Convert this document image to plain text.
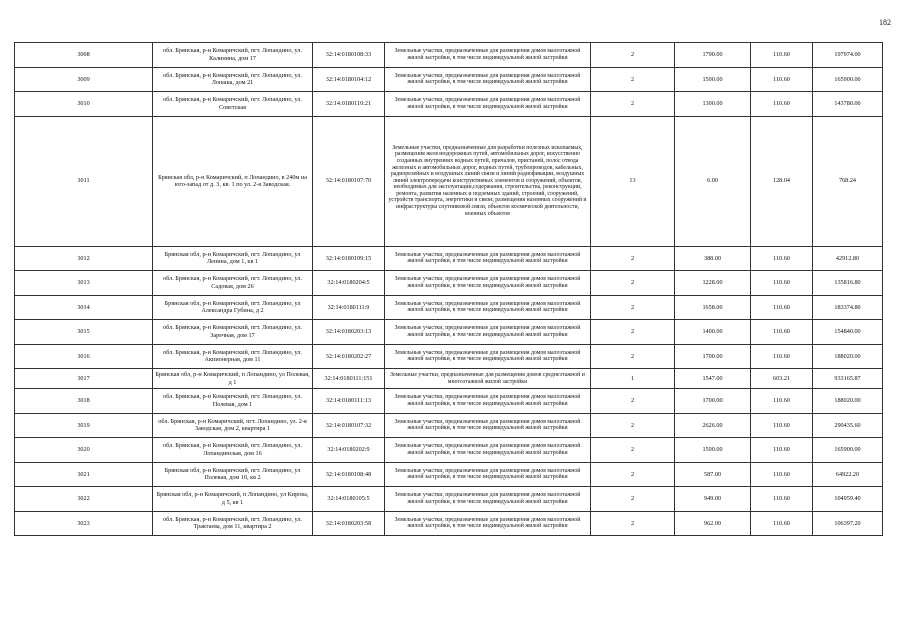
182
3008	обл. Брянская, р-н Комаричский, пгт. Лопандино, ул. Калинина, дом 17	32:14:0180108:33	Земельные участки, предназначенные для размещения домов малоэтажной жилой застройки, в том числе индивидуальной жилой застройки	2	1790.00	110.60	197974.00
3009	обл. Брянская, р-н Комаричский, пгт. Лопандино, ул. Лопаша, дом 21	32:14:0180104:12	Земельные участки, предназначенные для размещения домов малоэтажной жилой застройки, в том числе индивидуальной жилой застройки	2	1500.00	110.60	165900.00
3010	обл. Брянская, р-н Комаричский, пгт. Лопандино, ул. Советская	32:14:0180110:21	Земельные участки, предназначенные для размещения домов малоэтажной жилой застройки, в том числе индивидуальной жилой застройки	2	1300.00	110.60	143780.00
3011	Брянская обл, р-н Комаричский, п Лопандино, в 240м на юго-запад от д. 3, кв. 1 по ул. 2-я Заводская.	32:14:0180107:70	Земельные участки, предназначенные для разработки полезных ископаемых, размещения железнодорожных путей, автомобильных дорог, искусственно созданных внутренних водных путей, причалов, пристаней, полос отвода железных и автомобильных дорог, водных путей, трубопроводов, кабельных, радиорелейных и воздушных линий связи и линий радиофикации, воздушных линий электропередачи конструктивных элементов и сооружений, объектов, необходимых для эксплуатации,содержания, строительства, реконструкции, ремонта, развития наземных и подземных зданий, строений, сооружений, устройств транспорта, энергетики и связи; размещения наземных сооружений и инфраструктуры спутниковой связи, объектов космической деятельности, военных объектов	13	6.00	128.04	768.24
3012	Брянская обл, р-н Комаричский, пгт. Лопандино, ул Ленина, дом 1, кв 1	32:14:0180109:15	Земельные участки, предназначенные для размещения домов малоэтажной жилой застройки, в том числе индивидуальной жилой застройки	2	388.00	110.60	42912.80
3013	обл. Брянская, р-н Комаричский, пгт. Лопандино, ул. Садовая, дом 26	32:14:0180204:5	Земельные участки, предназначенные для размещения домов малоэтажной жилой застройки, в том числе индивидуальной жилой застройки	2	1228.00	110.60	135816.80
3014	Брянская обл, р-н Комаричский, пгт. Лопандино, ул Александра Губина, д 2	32:14:0180111:9	Земельные участки, предназначенные для размещения домов малоэтажной жилой застройки, в том числе индивидуальной жилой застройки	2	1658.00	110.60	183374.80
3015	обл. Брянская, р-н Комаричский, пгт. Лопандино, ул. Заречная, дом 17	32:14:0180203:13	Земельные участки, предназначенные для размещения домов малоэтажной жилой застройки, в том числе индивидуальной жилой застройки	2	1400.00	110.60	154840.00
3016	обл. Брянская, р-н Комаричский, пгт. Лопандино, ул. Акпионерная, дом 11	32:14:0180202:27	Земельные участки, предназначенные для размещения домов малоэтажной жилой застройки, в том числе индивидуальной жилой застройки	2	1700.00	110.60	188020.00
3017	Брянская обл, р-н Комаричский, п Лопандино, ул Полевая, д 1	32:14:0180111:151	Земельные участки, предназначенные для размещения домов среднеэтажной и многоэтажной жилой застройки	1	1547.00	603.21	933165.87
3018	обл. Брянская, р-н Комаричский, пгт. Лопандино, ул. Полевая, дом 1	32:14:0180111:13	Земельные участки, предназначенные для размещения домов малоэтажной жилой застройки, в том числе индивидуальной жилой застройки	2	1700.00	110.60	188020.00
3019	обл. Брянская, р-н Комаричский, пгт. Лопандино, ул. 2-я Заводская, дом 2, квартира 1	32:14:0180107:32	Земельные участки, предназначенные для размещения домов малоэтажной жилой застройки, в том числе индивидуальной жилой застройки	2	2626.00	110.60	290435.60
3020	обл. Брянская, р-н Комаричский, пгт. Лопандино, ул. Лопандинская, дом 16	32:14:0180202:9	Земельные участки, предназначенные для размещения домов малоэтажной жилой застройки, в том числе индивидуальной жилой застройки	2	1500.00	110.60	165900.00
3021	Брянская обл, р-н Комаричский, пгт. Лопандино, ул Полевая, дом 10, кв 2	32:14:0180108:48	Земельные участки, предназначенные для размещения домов малоэтажной жилой застройки, в том числе индивидуальной жилой застройки	2	587.00	110.60	64922.20
3022	Брянская обл, р-н Комаричский, п Лопандино, ул Кирова, д 5, кв 1	32:14:0180105:5	Земельные участки, предназначенные для размещения домов малоэтажной жилой застройки, в том числе индивидуальной жилой застройки	2	949.00	110.60	104959.40
3023	обл. Брянская, р-н Комаричский, пгт. Лопандино, ул. Трактаева, дом 11, квартира 2	32:14:0180203:58	Земельные участки, предназначенные для размещения домов малоэтажной жилой застройки, в том числе индивидуальной жилой застройки	2	962.00	110.60	106397.20
